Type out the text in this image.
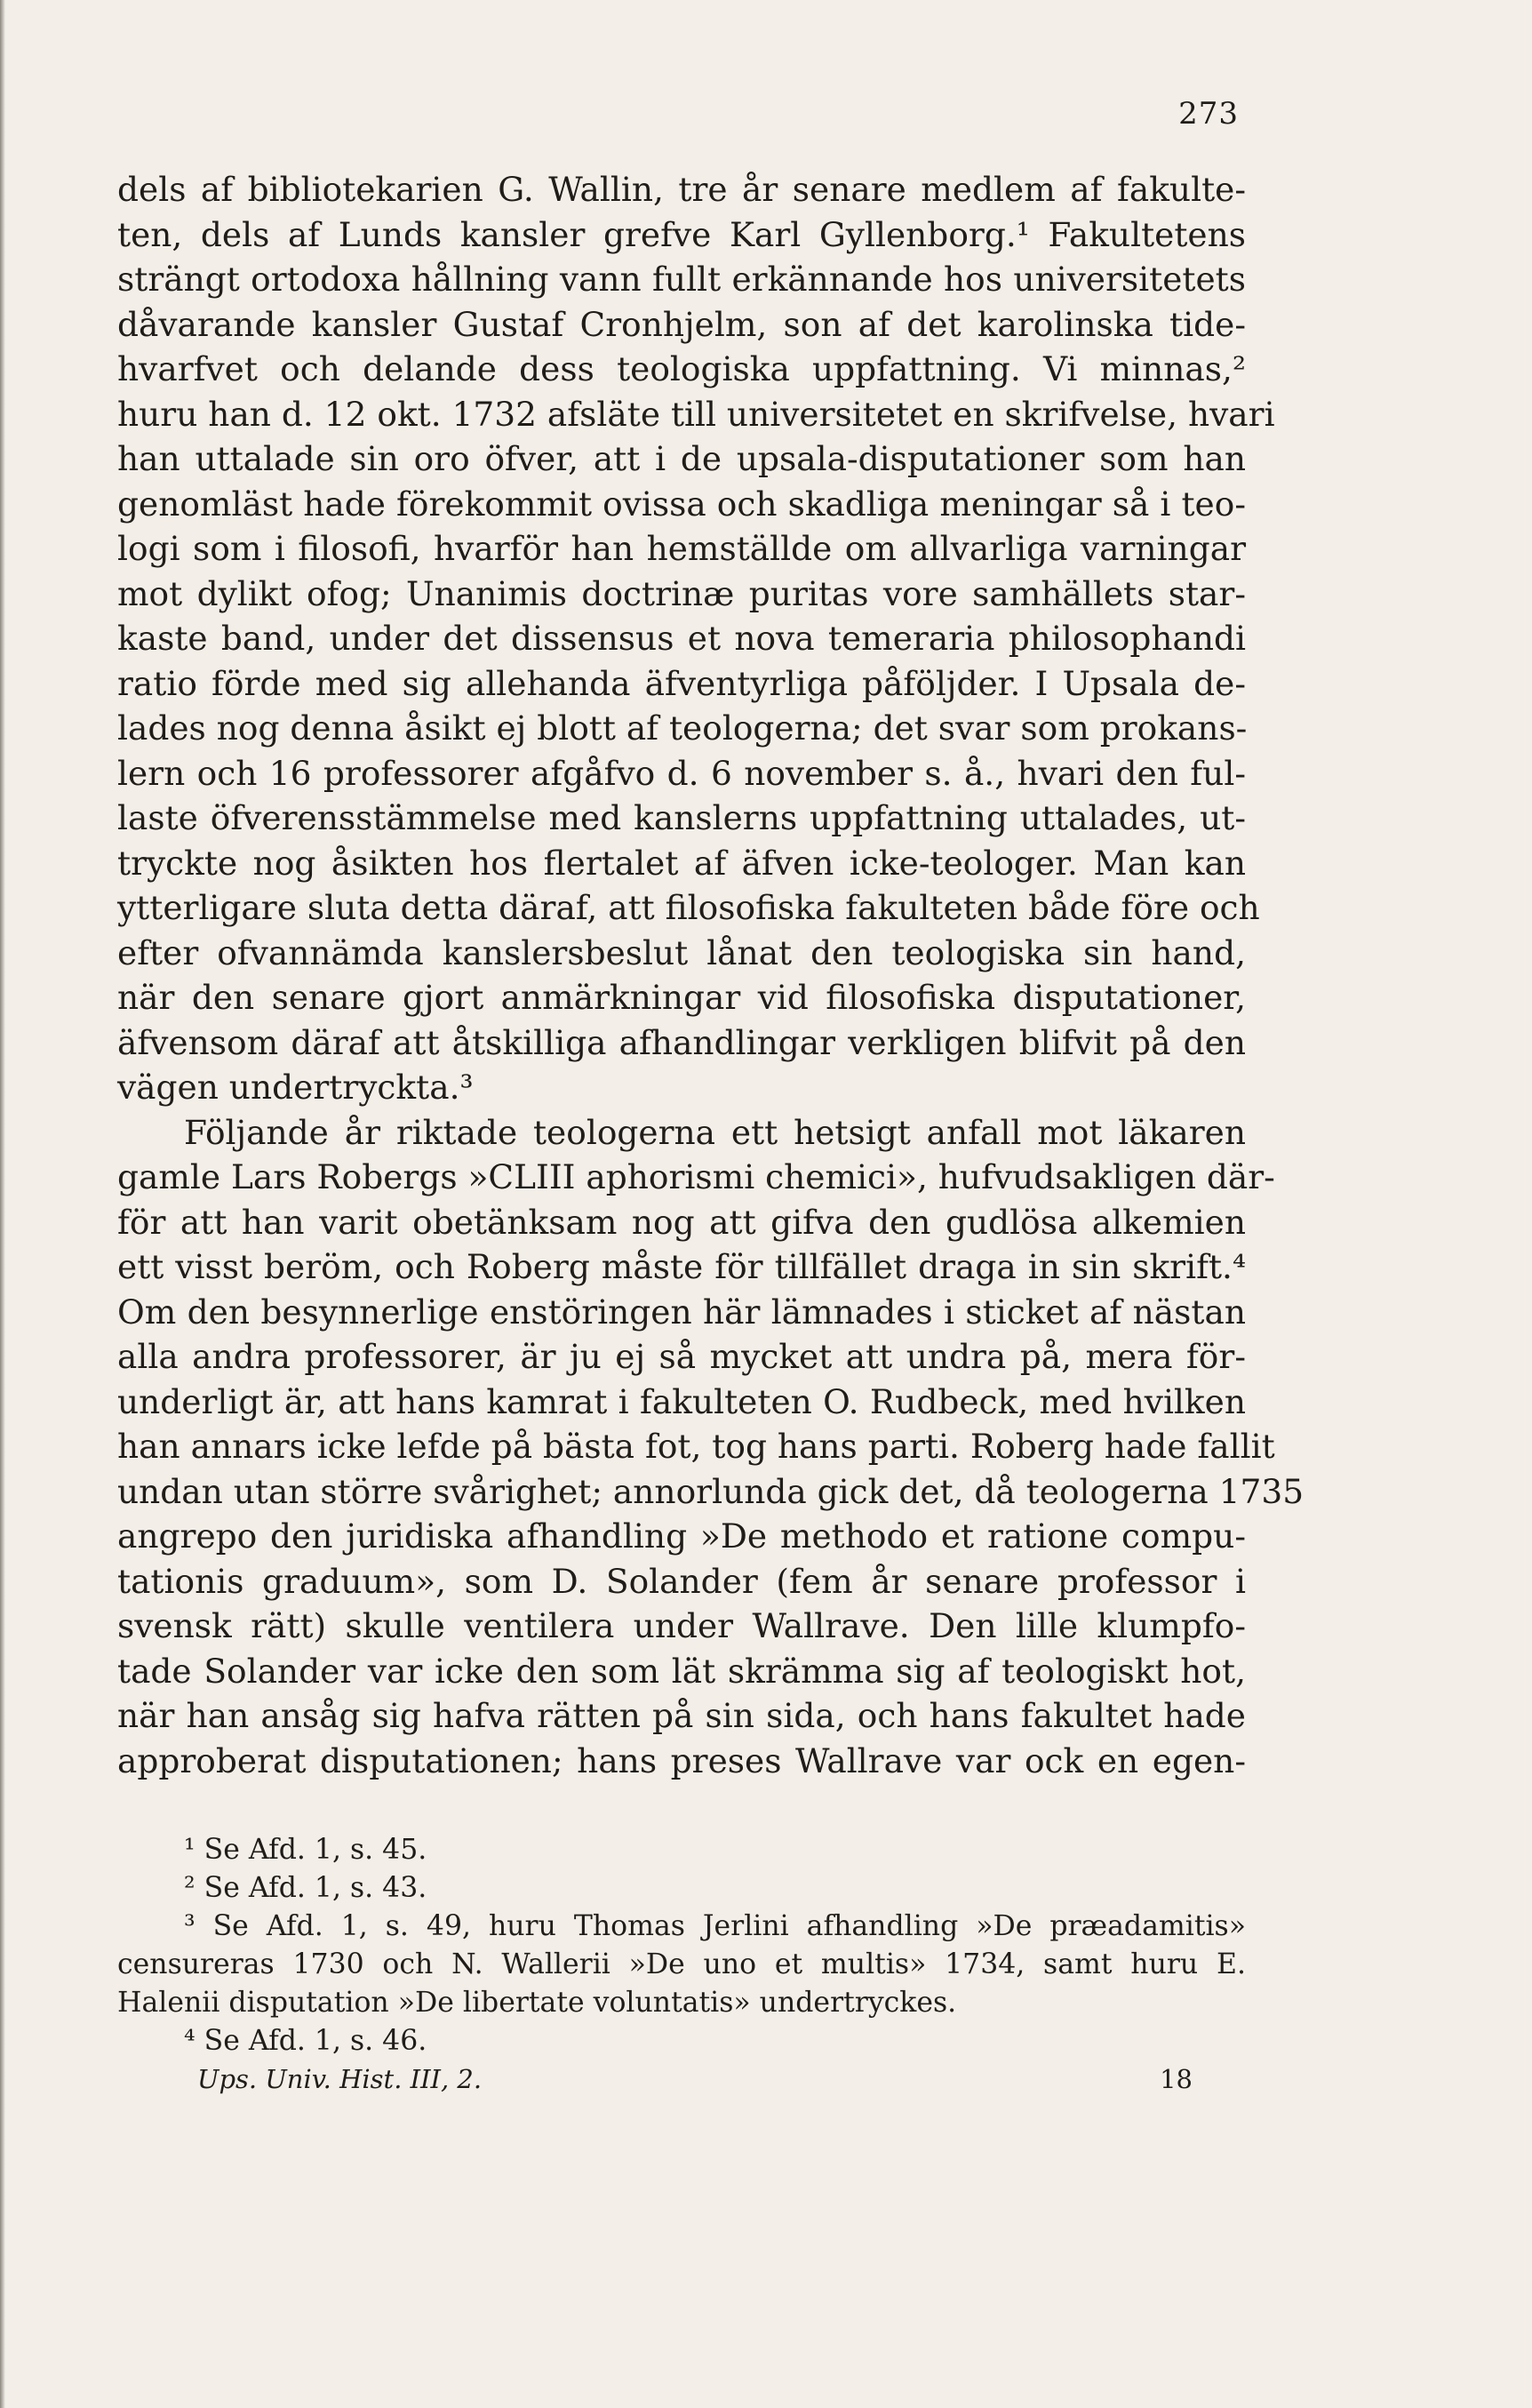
273
dels af bibliotekarien G. Wallin, tre år senare medlem af fakulte-
ten, dels af Lunds kansler grefve Karl Gyllenborg.¹ Fakultetens
strängt ortodoxa hållning vann fullt erkännande hos universitetets
dåvarande kansler Gustaf Cronhjelm, son af det karolinska tide-
hvarfvet och delande dess teologiska uppfattning. Vi minnas,²
huru han d. 12 okt. 1732 afsläte till universitetet en skrifvelse, hvari
han uttalade sin oro öfver, att i de upsala-disputationer som han
genomläst hade förekommit ovissa och skadliga meningar så i teo-
logi som i filosofi, hvarför han hemställde om allvarliga varningar
mot dylikt ofog; Unanimis doctrinæ puritas vore samhällets star-
kaste band, under det dissensus et nova temeraria philosophandi
ratio förde med sig allehanda äfventyrliga påföljder. I Upsala de-
lades nog denna åsikt ej blott af teologerna; det svar som prokans-
lern och 16 professorer afgåfvo d. 6 november s. å., hvari den ful-
laste öfverensstämmelse med kanslerns uppfattning uttalades, ut-
tryckte nog åsikten hos flertalet af äfven icke-teologer. Man kan
ytterligare sluta detta däraf, att filosofiska fakulteten både före och
efter ofvannämda kanslersbeslut lånat den teologiska sin hand,
när den senare gjort anmärkningar vid filosofiska disputationer,
äfvensom däraf att åtskilliga afhandlingar verkligen blifvit på den
vägen undertryckta.³
Följande år riktade teologerna ett hetsigt anfall mot läkaren
gamle Lars Robergs »CLIII aphorismi chemici», hufvudsakligen där-
för att han varit obetänksam nog att gifva den gudlösa alkemien
ett visst beröm, och Roberg måste för tillfället draga in sin skrift.⁴
Om den besynnerlige enstöringen här lämnades i sticket af nästan
alla andra professorer, är ju ej så mycket att undra på, mera för-
underligt är, att hans kamrat i fakulteten O. Rudbeck, med hvilken
han annars icke lefde på bästa fot, tog hans parti. Roberg hade fallit
undan utan större svårighet; annorlunda gick det, då teologerna 1735
angrepo den juridiska afhandling »De methodo et ratione compu-
tationis graduum», som D. Solander (fem år senare professor i
svensk rätt) skulle ventilera under Wallrave. Den lille klumpfo-
tade Solander var icke den som lät skrämma sig af teologiskt hot,
när han ansåg sig hafva rätten på sin sida, och hans fakultet hade
approberat disputationen; hans preses Wallrave var ock en egen-
¹ Se Afd. 1, s. 45.
² Se Afd. 1, s. 43.
³ Se Afd. 1, s. 49, huru Thomas Jerlini afhandling »De præadamitis»
censureras 1730 och N. Wallerii »De uno et multis» 1734, samt huru E.
Halenii disputation »De libertate voluntatis» undertryckes.
⁴ Se Afd. 1, s. 46.
Ups. Univ. Hist. III, 2.	18
